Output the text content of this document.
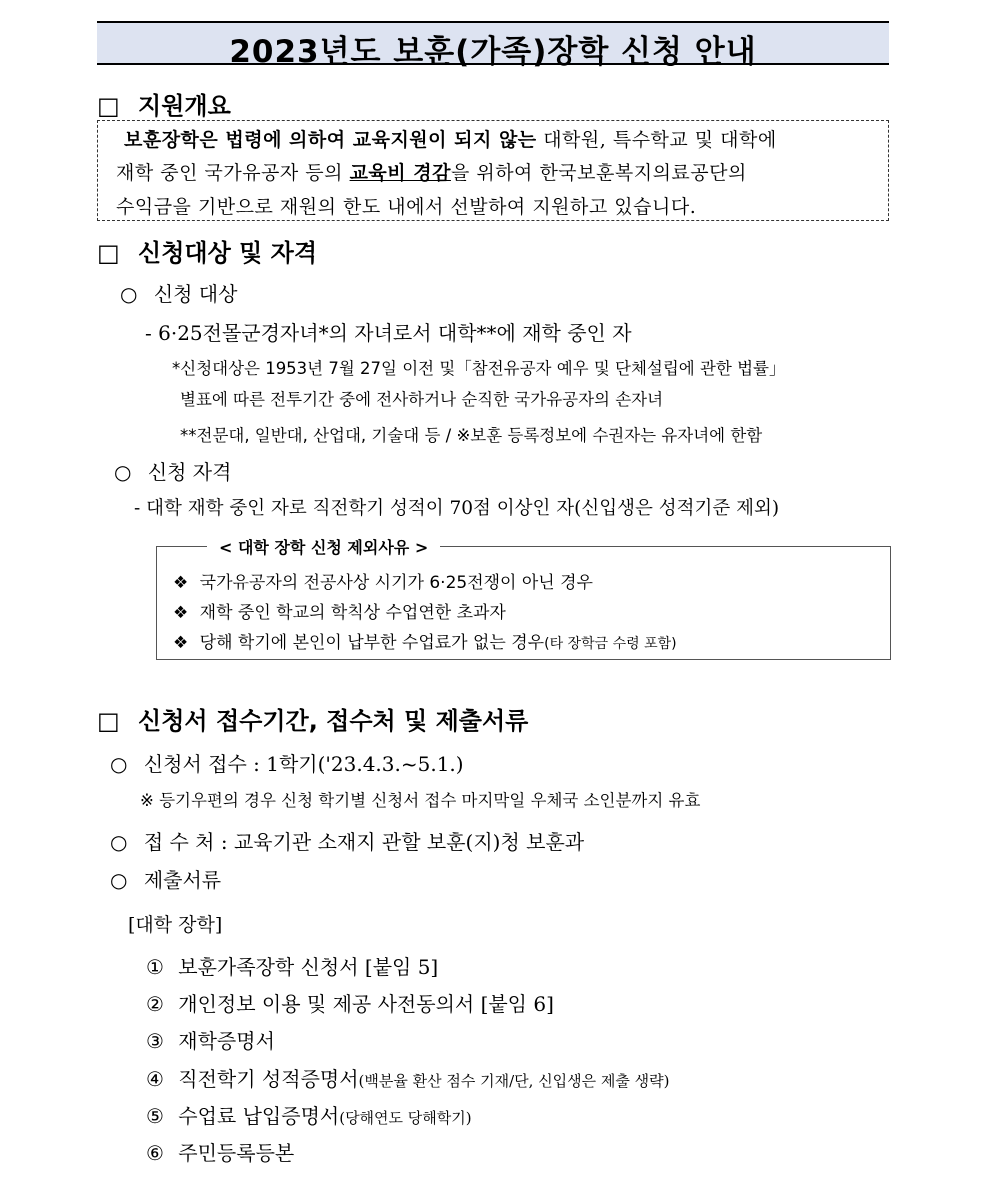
2023년도 보훈(가족)장학 신청 안내
□ 지원개요
보훈장학은 법령에 의하여 교육지원이 되지 않는 대학원, 특수학교 및 대학에
재학 중인 국가유공자 등의 교육비 경감을 위하여 한국보훈복지의료공단의
수익금을 기반으로 재원의 한도 내에서 선발하여 지원하고 있습니다.
□ 신청대상 및 자격
○ 신청 대상
- 6·25전몰군경자녀*의 자녀로서 대학**에 재학 중인 자
*신청대상은 1953년 7월 27일 이전 및「참전유공자 예우 및 단체설립에 관한 법률」
별표에 따른 전투기간 중에 전사하거나 순직한 국가유공자의 손자녀
**전문대, 일반대, 산업대, 기술대 등 / ※보훈 등록정보에 수권자는 유자녀에 한함
○ 신청 자격
- 대학 재학 중인 자로 직전학기 성적이 70점 이상인 자(신입생은 성적기준 제외)
< 대학 장학 신청 제외사유 >
❖ 국가유공자의 전공사상 시기가 6·25전쟁이 아닌 경우
❖ 재학 중인 학교의 학칙상 수업연한 초과자
❖ 당해 학기에 본인이 납부한 수업료가 없는 경우(타 장학금 수령 포함)
□ 신청서 접수기간, 접수처 및 제출서류
○ 신청서 접수 : 1학기('23.4.3.~5.1.)
※ 등기우편의 경우 신청 학기별 신청서 접수 마지막일 우체국 소인분까지 유효
○ 접 수 처 : 교육기관 소재지 관할 보훈(지)청 보훈과
○ 제출서류
[대학 장학]
① 보훈가족장학 신청서 [붙임 5]
② 개인정보 이용 및 제공 사전동의서 [붙임 6]
③ 재학증명서
④ 직전학기 성적증명서(백분율 환산 점수 기재/단, 신입생은 제출 생략)
⑤ 수업료 납입증명서(당해연도 당해학기)
⑥ 주민등록등본
